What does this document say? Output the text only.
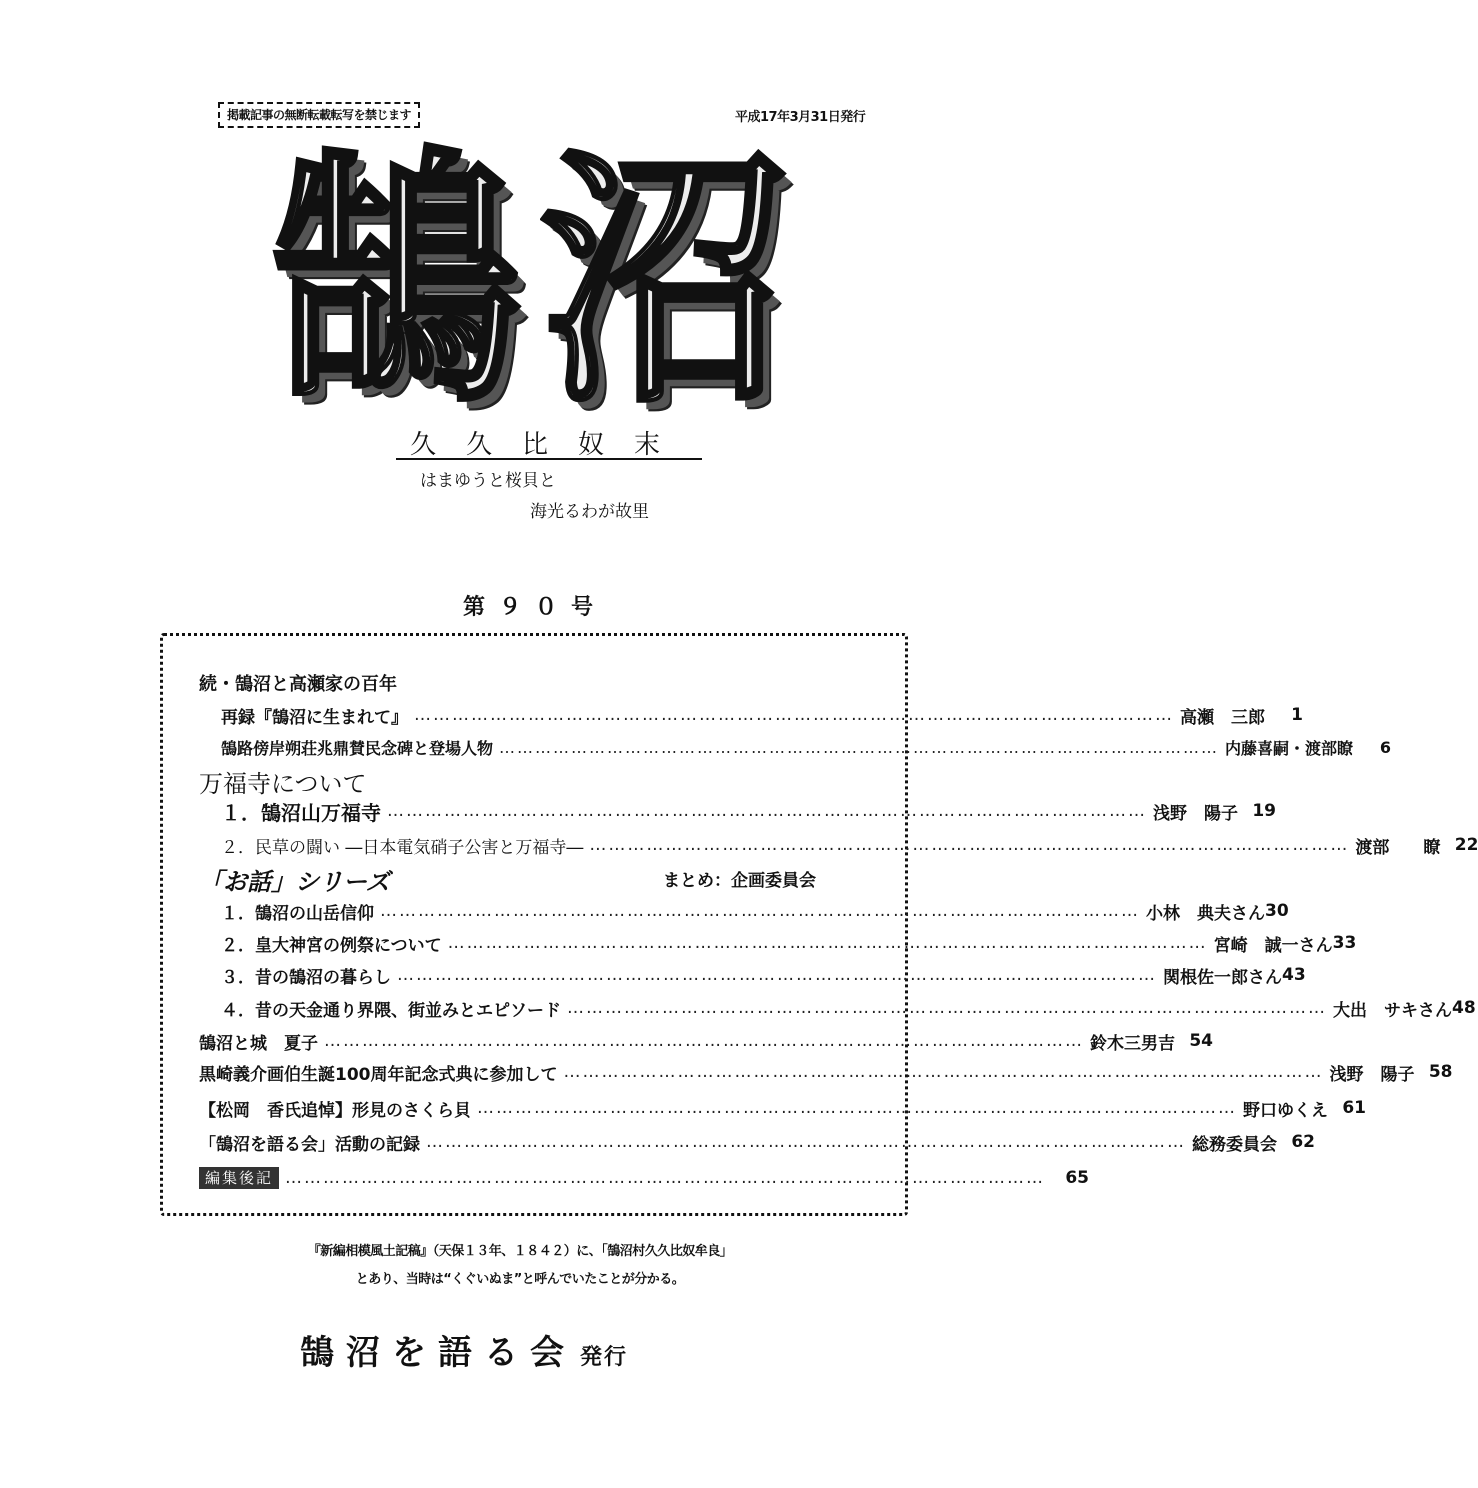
掲載記事の無断転載転写を禁じます	平成17年3月31日発行
鵠 沼
久久比奴末
はまゆうと桜貝と
海光るわが故里
第９０号
続・鵠沼と高瀬家の百年
再録『鵠沼に生まれて』 ………………………………………………………………………………………………………… 高瀬　三郎	1
鵠路傍岸朔荘兆鼎賛民念碑と登場人物 ………………………………………………………………………………………………………… 内藤喜嗣・渡部瞭	6
万福寺について
１．鵠沼山万福寺 ………………………………………………………………………………………………………… 浅野　陽子 19
２．民草の闘い ―日本電気硝子公害と万福寺― ………………………………………………………………………………………………………… 渡部　　瞭 22
「お話」シリーズ	まとめ：企画委員会
１．鵠沼の山岳信仰 ………………………………………………………………………………………………………… 小林　典夫さん 30
２．皇大神宮の例祭について ………………………………………………………………………………………………………… 宮崎　誠一さん 33
３．昔の鵠沼の暮らし ………………………………………………………………………………………………………… 関根佐一郎さん 43
４．昔の天金通り界隈、街並みとエピソード ………………………………………………………………………………………………………… 大出　サキさん 48
鵠沼と城　夏子 ………………………………………………………………………………………………………… 鈴木三男吉 54
黒崎義介画伯生誕100周年記念式典に参加して ………………………………………………………………………………………………………… 浅野　陽子 58
【松岡　香氏追悼】形見のさくら貝 ………………………………………………………………………………………………………… 野口ゆくえ 61
「鵠沼を語る会」活動の記録 ………………………………………………………………………………………………………… 総務委員会 62
編集後記 …………………………………………………………………………………………………………	65
『新編相模風土記稿』（天保１３年、１８４２）に、「鵠沼村久久比奴牟良」
とあり、当時は“くぐいぬま”と呼んでいたことが分かる。
鵠沼を語る会 発行
